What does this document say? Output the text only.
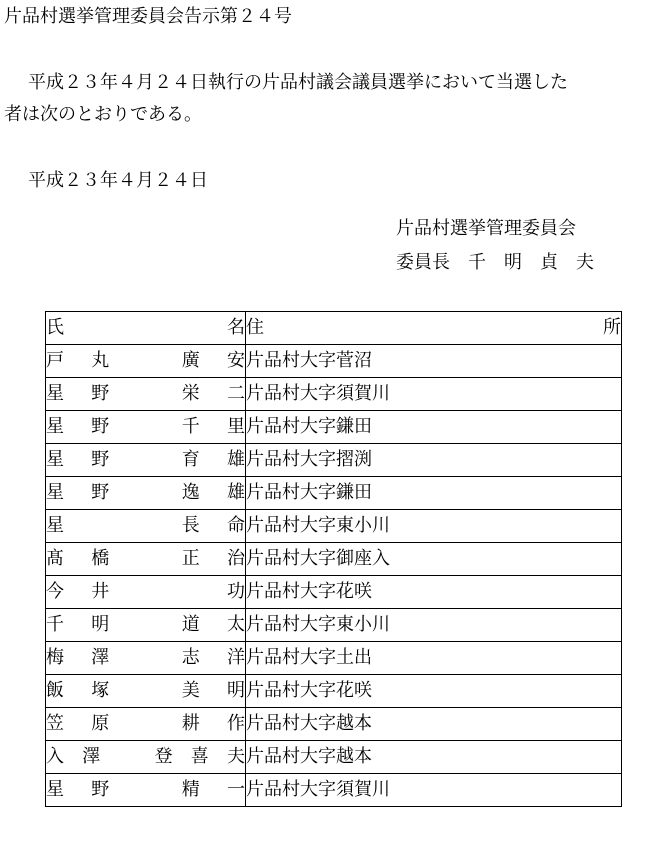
片品村選挙管理委員会告示第２４号
平成２３年４月２４日執行の片品村議会議員選挙において当選した
者は次のとおりである。
平成２３年４月２４日
片品村選挙管理委員会
委員長　千　明　貞　夫
氏　名	住　所
戸丸　廣安	片品村大字菅沼
星野　栄二	片品村大字須賀川
星野　千里	片品村大字鎌田
星野　育雄	片品村大字摺渕
星野　逸雄	片品村大字鎌田
星　　長命	片品村大字東小川
髙橋　正治	片品村大字御座入
今井　　功	片品村大字花咲
千明　道太	片品村大字東小川
梅澤　志洋	片品村大字土出
飯塚　美明	片品村大字花咲
笠原　耕作	片品村大字越本
入澤　登喜夫	片品村大字越本
星野　精一	片品村大字須賀川
